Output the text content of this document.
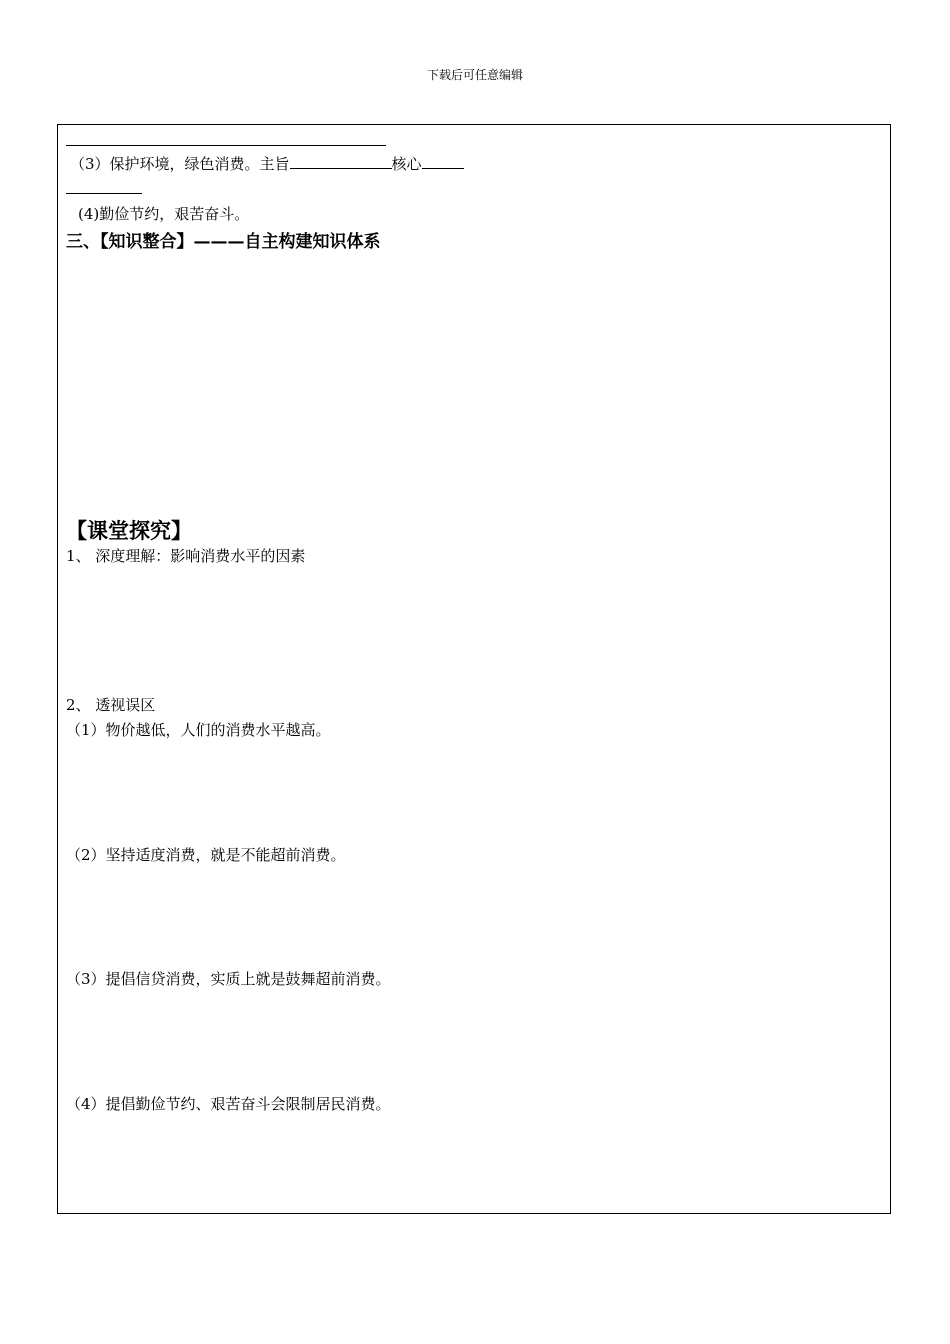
下载后可任意编辑
（3）保护环境，绿色消费。主旨	核心
(4)勤俭节约，艰苦奋斗。
三、【知识整合】———自主构建知识体系
【课堂探究】
1、 深度理解：影响消费水平的因素
2、 透视误区
（1）物价越低，人们的消费水平越高。
（2）坚持适度消费，就是不能超前消费。
（3）提倡信贷消费，实质上就是鼓舞超前消费。
（4）提倡勤俭节约、艰苦奋斗会限制居民消费。
